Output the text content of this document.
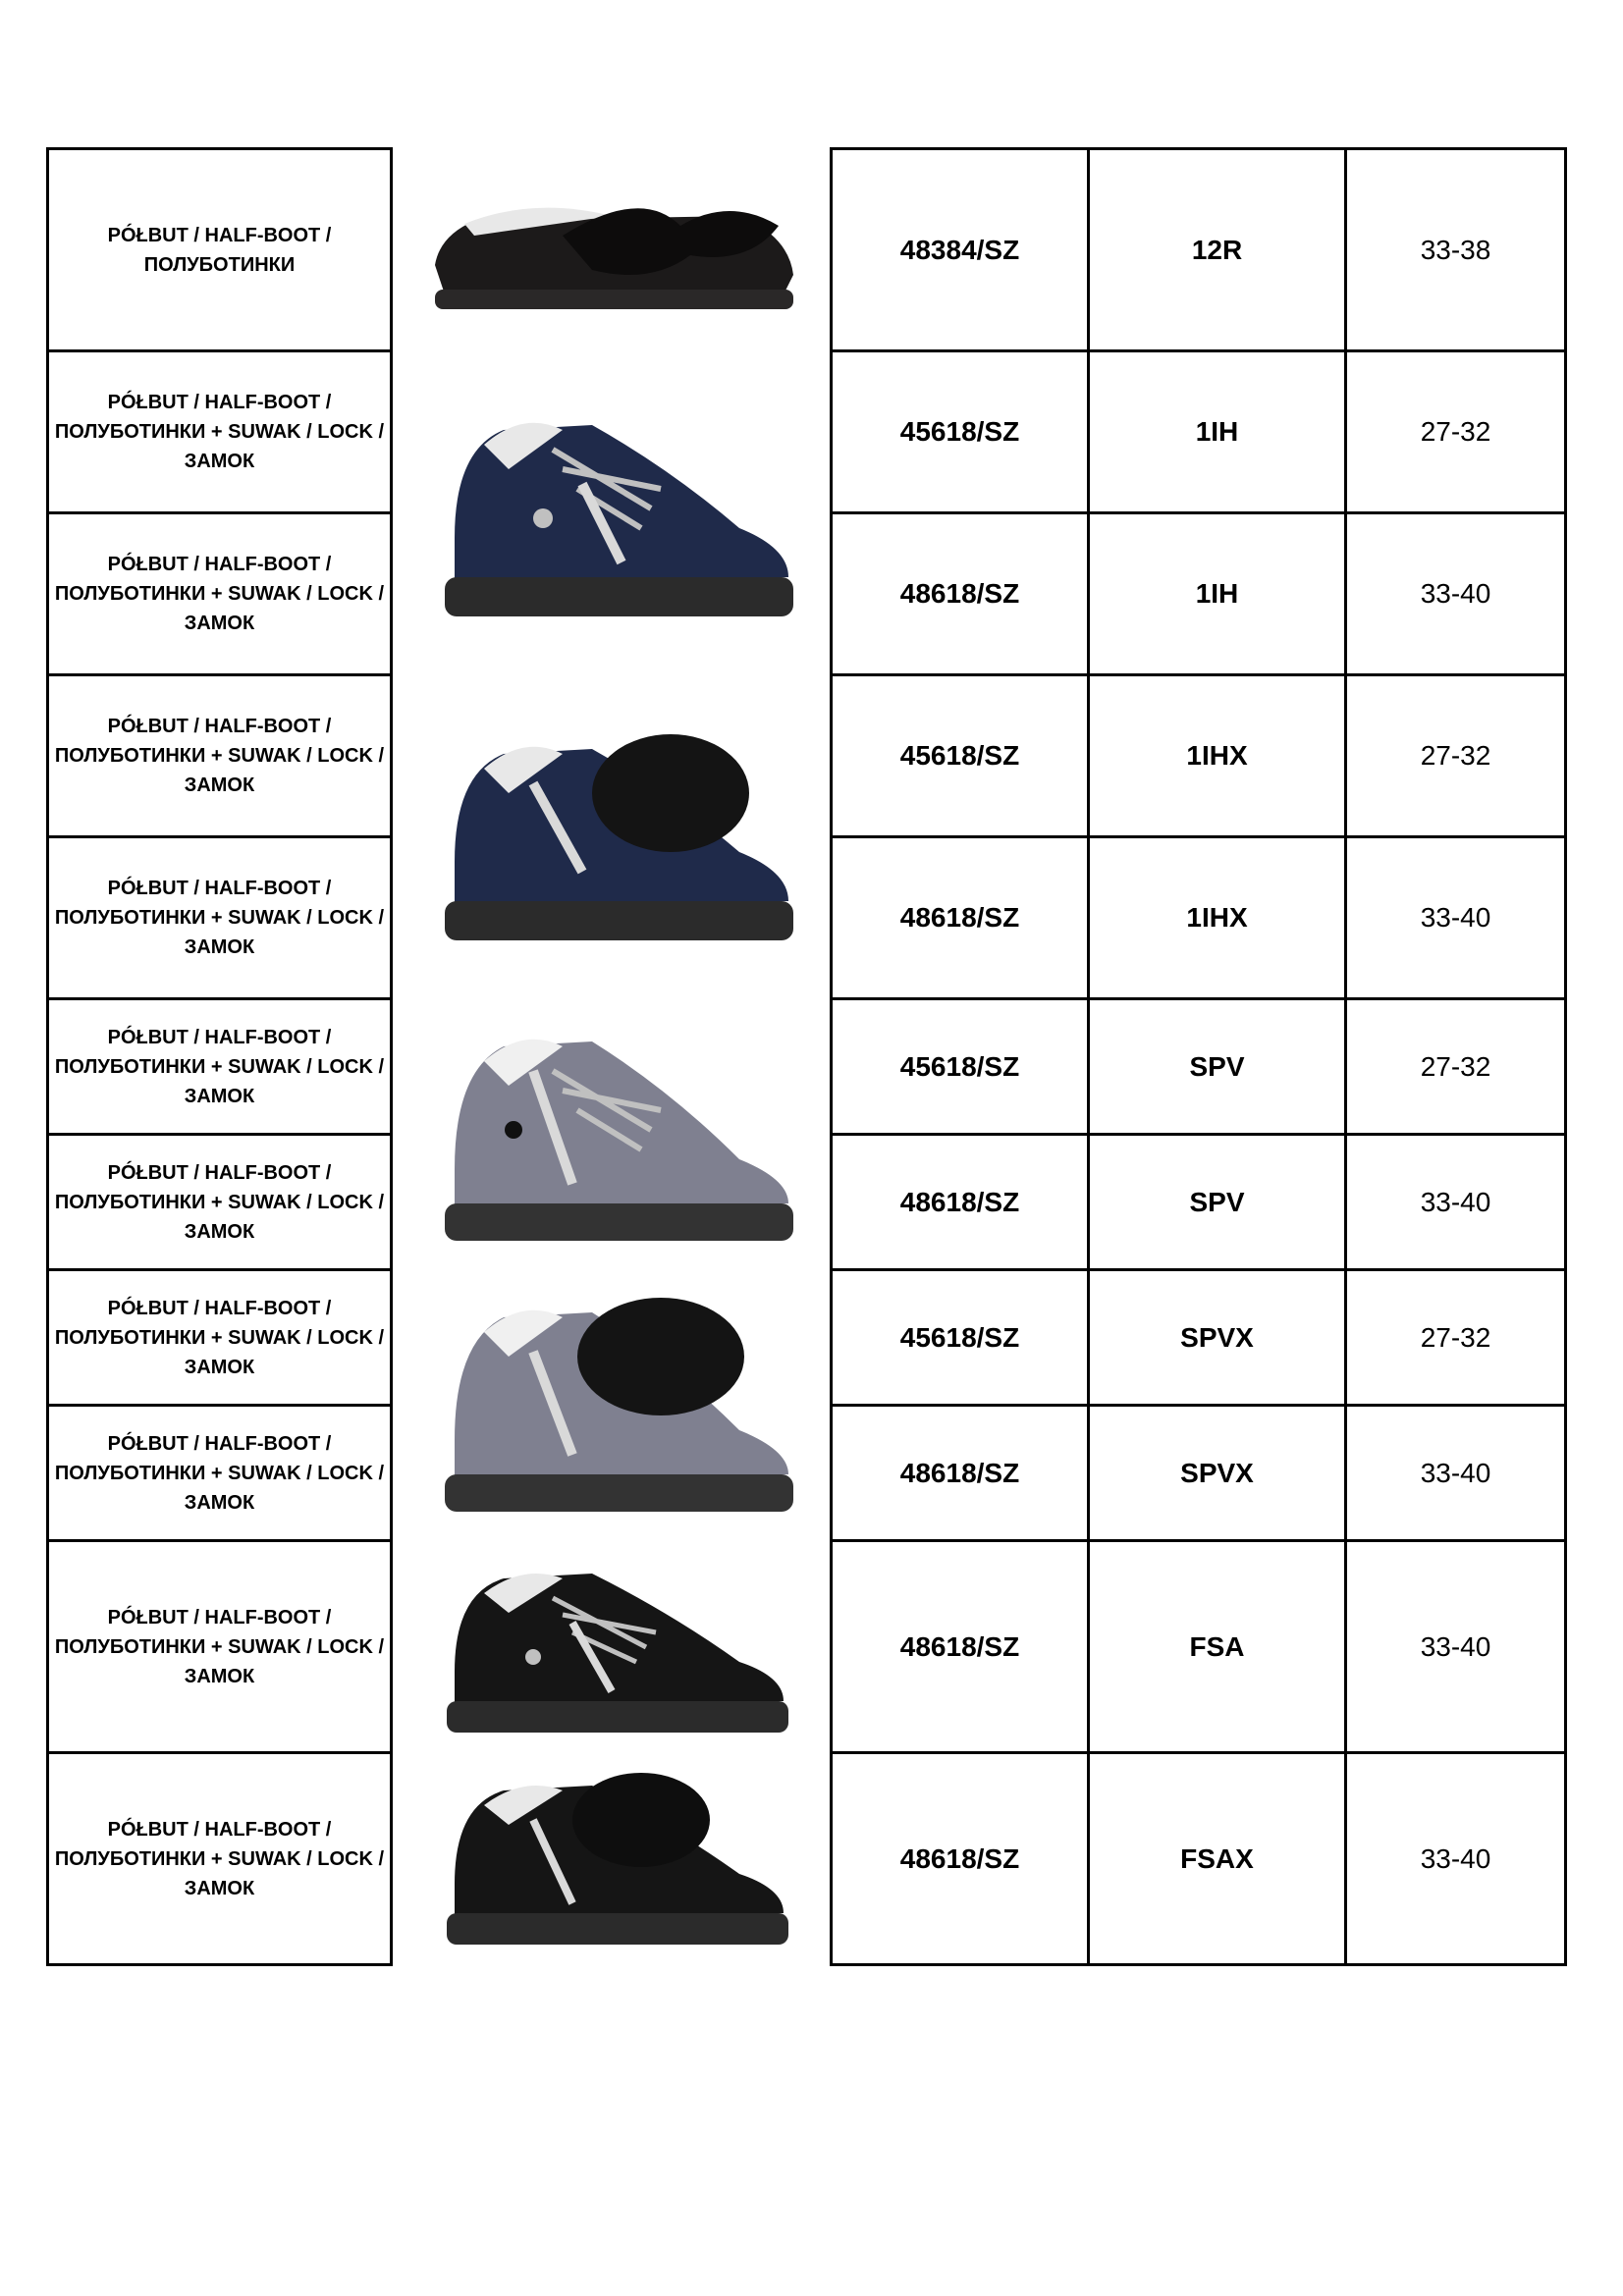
PÓŁBUT / HALF-BOOT / ПОЛУБОТИНКИ		48384/SZ	12R	33-38
PÓŁBUT / HALF-BOOT / ПОЛУБОТИНКИ + SUWAK / LOCK / ЗАМОК		45618/SZ	1IH	27-32
PÓŁBUT / HALF-BOOT / ПОЛУБОТИНКИ + SUWAK / LOCK / ЗАМОК		48618/SZ	1IH	33-40
PÓŁBUT / HALF-BOOT / ПОЛУБОТИНКИ + SUWAK / LOCK / ЗАМОК		45618/SZ	1IHX	27-32
PÓŁBUT / HALF-BOOT / ПОЛУБОТИНКИ + SUWAK / LOCK / ЗАМОК		48618/SZ	1IHX	33-40
PÓŁBUT / HALF-BOOT / ПОЛУБОТИНКИ + SUWAK / LOCK / ЗАМОК		45618/SZ	SPV	27-32
PÓŁBUT / HALF-BOOT / ПОЛУБОТИНКИ + SUWAK / LOCK / ЗАМОК		48618/SZ	SPV	33-40
PÓŁBUT / HALF-BOOT / ПОЛУБОТИНКИ + SUWAK / LOCK / ЗАМОК		45618/SZ	SPVX	27-32
PÓŁBUT / HALF-BOOT / ПОЛУБОТИНКИ + SUWAK / LOCK / ЗАМОК		48618/SZ	SPVX	33-40
PÓŁBUT / HALF-BOOT / ПОЛУБОТИНКИ + SUWAK / LOCK / ЗАМОК		48618/SZ	FSA	33-40
PÓŁBUT / HALF-BOOT / ПОЛУБОТИНКИ + SUWAK / LOCK / ЗАМОК		48618/SZ	FSAX	33-40
